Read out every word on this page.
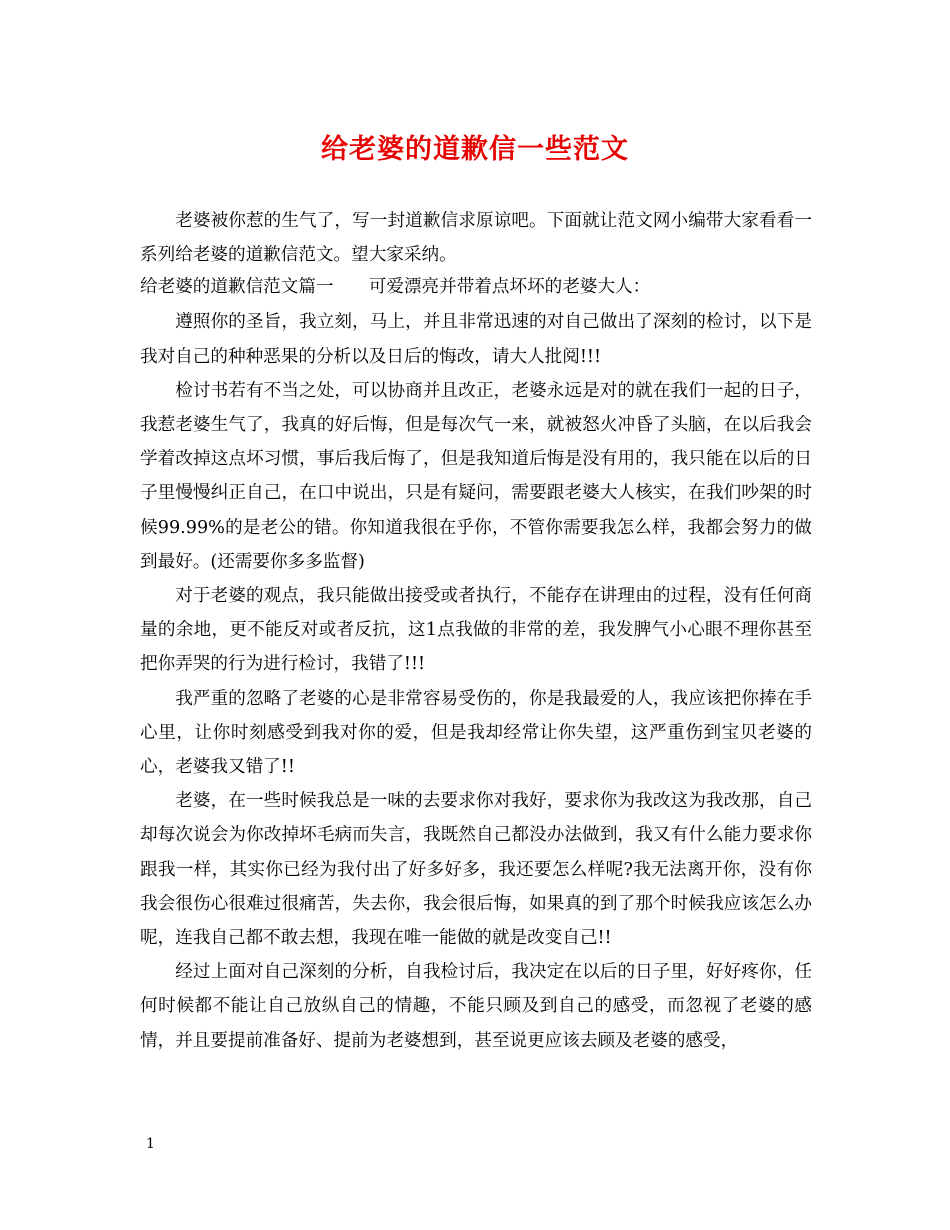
给老婆的道歉信一些范文

老婆被你惹的生气了，写一封道歉信求原谅吧。下面就让范文网小编带大家看看一系列给老婆的道歉信范文。望大家采纳。

给老婆的道歉信范文篇一　　可爱漂亮并带着点坏坏的老婆大人：

遵照你的圣旨，我立刻，马上，并且非常迅速的对自己做出了深刻的检讨，以下是我对自己的种种恶果的分析以及日后的悔改，请大人批阅!!!

检讨书若有不当之处，可以协商并且改正，老婆永远是对的就在我们一起的日子，我惹老婆生气了，我真的好后悔，但是每次气一来，就被怒火冲昏了头脑，在以后我会学着改掉这点坏习惯，事后我后悔了，但是我知道后悔是没有用的，我只能在以后的日子里慢慢纠正自己，在口中说出，只是有疑问，需要跟老婆大人核实，在我们吵架的时候99.99%的是老公的错。你知道我很在乎你，不管你需要我怎么样，我都会努力的做到最好。(还需要你多多监督)

对于老婆的观点，我只能做出接受或者执行，不能存在讲理由的过程，没有任何商量的余地，更不能反对或者反抗，这1点我做的非常的差，我发脾气小心眼不理你甚至把你弄哭的行为进行检讨，我错了!!!

我严重的忽略了老婆的心是非常容易受伤的，你是我最爱的人，我应该把你捧在手心里，让你时刻感受到我对你的爱，但是我却经常让你失望，这严重伤到宝贝老婆的心，老婆我又错了!!

老婆，在一些时候我总是一味的去要求你对我好，要求你为我改这为我改那，自己却每次说会为你改掉坏毛病而失言，我既然自己都没办法做到，我又有什么能力要求你跟我一样，其实你已经为我付出了好多好多，我还要怎么样呢?我无法离开你，没有你我会很伤心很难过很痛苦，失去你，我会很后悔，如果真的到了那个时候我应该怎么办呢，连我自己都不敢去想，我现在唯一能做的就是改变自己!!

经过上面对自己深刻的分析，自我检讨后，我决定在以后的日子里，好好疼你，任何时候都不能让自己放纵自己的情趣，不能只顾及到自己的感受，而忽视了老婆的感情，并且要提前准备好、提前为老婆想到，甚至说更应该去顾及老婆的感受，

1
